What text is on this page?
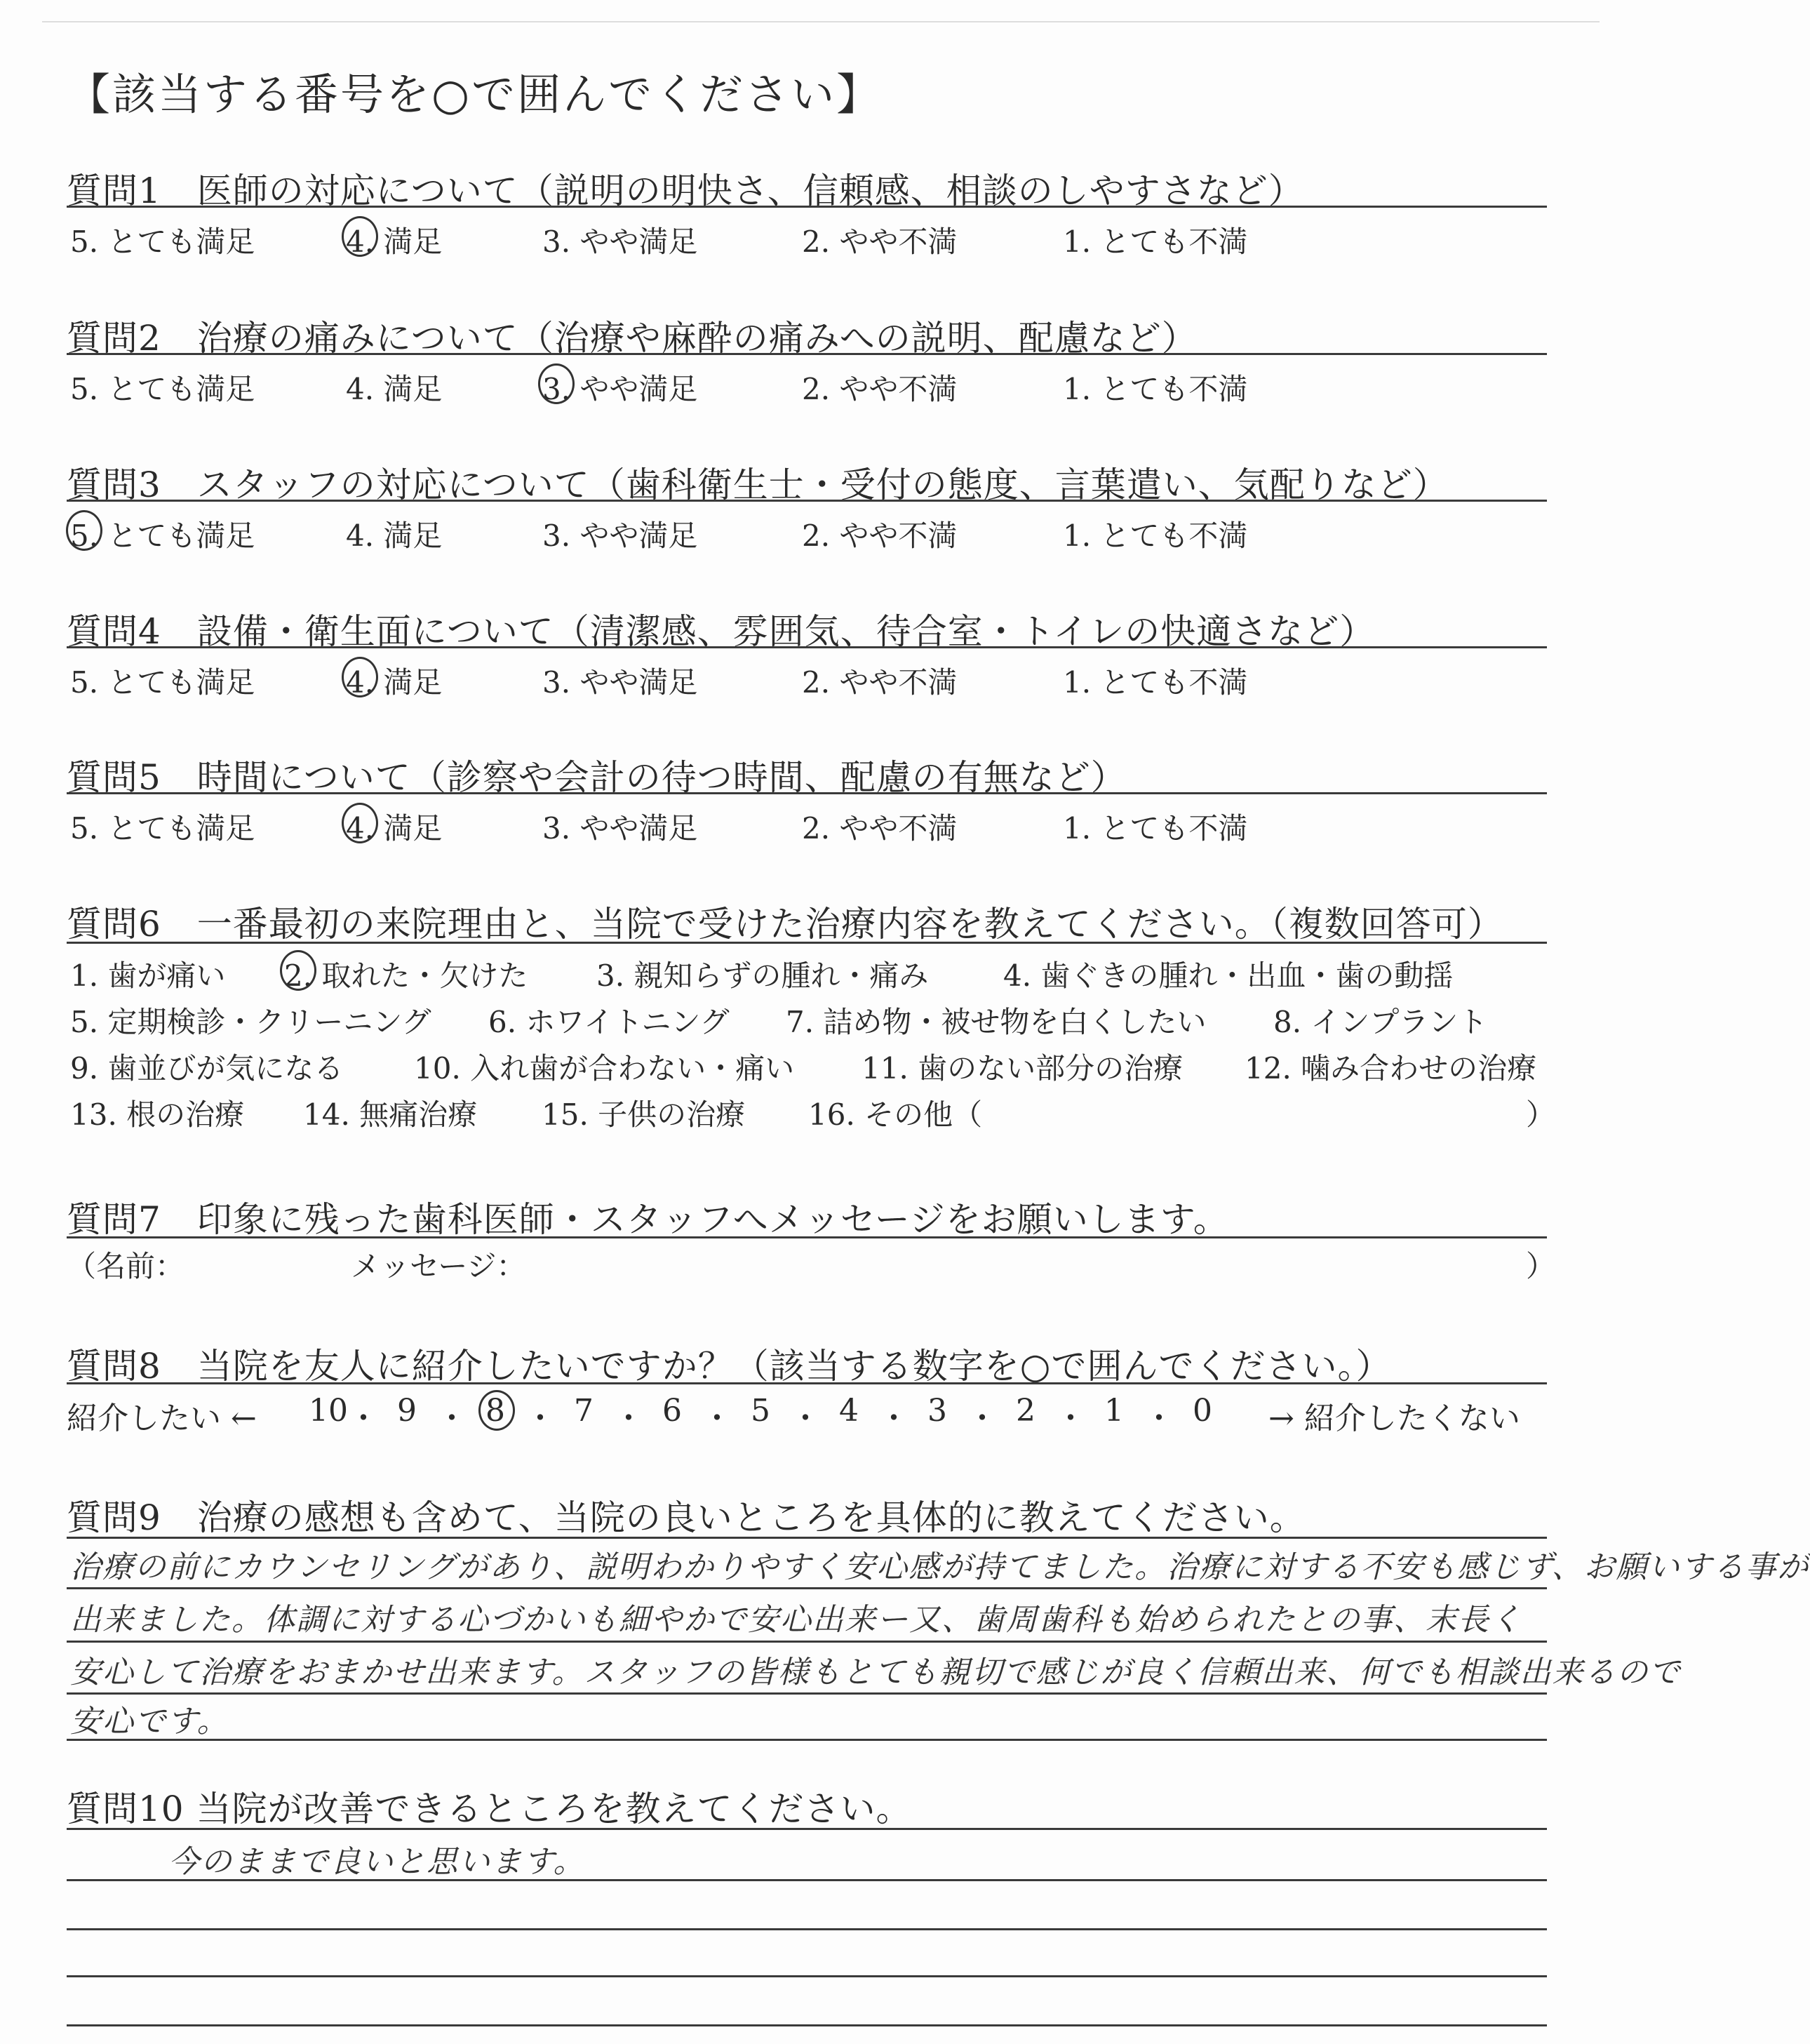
【該当する番号を○で囲んでください】
質問1　医師の対応について（説明の明快さ、信頼感、相談のしやすさなど）
5. とても満足	4. 満足	3. やや満足	2. やや不満	1. とても不満
質問2　治療の痛みについて（治療や麻酔の痛みへの説明、配慮など）
5. とても満足	4. 満足	3. やや満足	2. やや不満	1. とても不満
質問3　スタッフの対応について（歯科衛生士・受付の態度、言葉遣い、気配りなど）
5. とても満足	4. 満足	3. やや満足	2. やや不満	1. とても不満
質問4　設備・衛生面について（清潔感、雰囲気、待合室・トイレの快適さなど）
5. とても満足	4. 満足	3. やや満足	2. やや不満	1. とても不満
質問5　時間について（診察や会計の待つ時間、配慮の有無など）
5. とても満足	4. 満足	3. やや満足	2. やや不満	1. とても不満
質問6　一番最初の来院理由と、当院で受けた治療内容を教えてください。（複数回答可）
1. 歯が痛い 2. 取れた・欠けた 3. 親知らずの腫れ・痛み	4. 歯ぐきの腫れ・出血・歯の動揺
5. 定期検診・クリーニング 6. ホワイトニング 7. 詰め物・被せ物を白くしたい 8. インプラント
9. 歯並びが気になる 10. 入れ歯が合わない・痛い 11. 歯のない部分の治療 12. 噛み合わせの治療
13. 根の治療 14. 無痛治療 15. 子供の治療 16. その他（	）
質問7　印象に残った歯科医師・スタッフへメッセージをお願いします。
（名前：	メッセージ：	）
質問8　当院を友人に紹介したいですか？（該当する数字を○で囲んでください。）
紹介したい ← 10 ・ 9 ・ 8 ・ 7 ・ 6 ・ 5 ・ 4 ・ 3 ・ 2 ・ 1 ・ 0 → 紹介したくない
質問9　治療の感想も含めて、当院の良いところを具体的に教えてください。
治療の前にカウンセリングがあり、説明わかりやすく安心感が持てました。治療に対する不安も感じず、お願いする事が
出来ました。体調に対する心づかいも細やかで安心出来ー又、歯周歯科も始められたとの事、末長く
安心して治療をおまかせ出来ます。スタッフの皆様もとても親切で感じが良く信頼出来、何でも相談出来るので
安心です。
質問10 当院が改善できるところを教えてください。
今のままで良いと思います。
